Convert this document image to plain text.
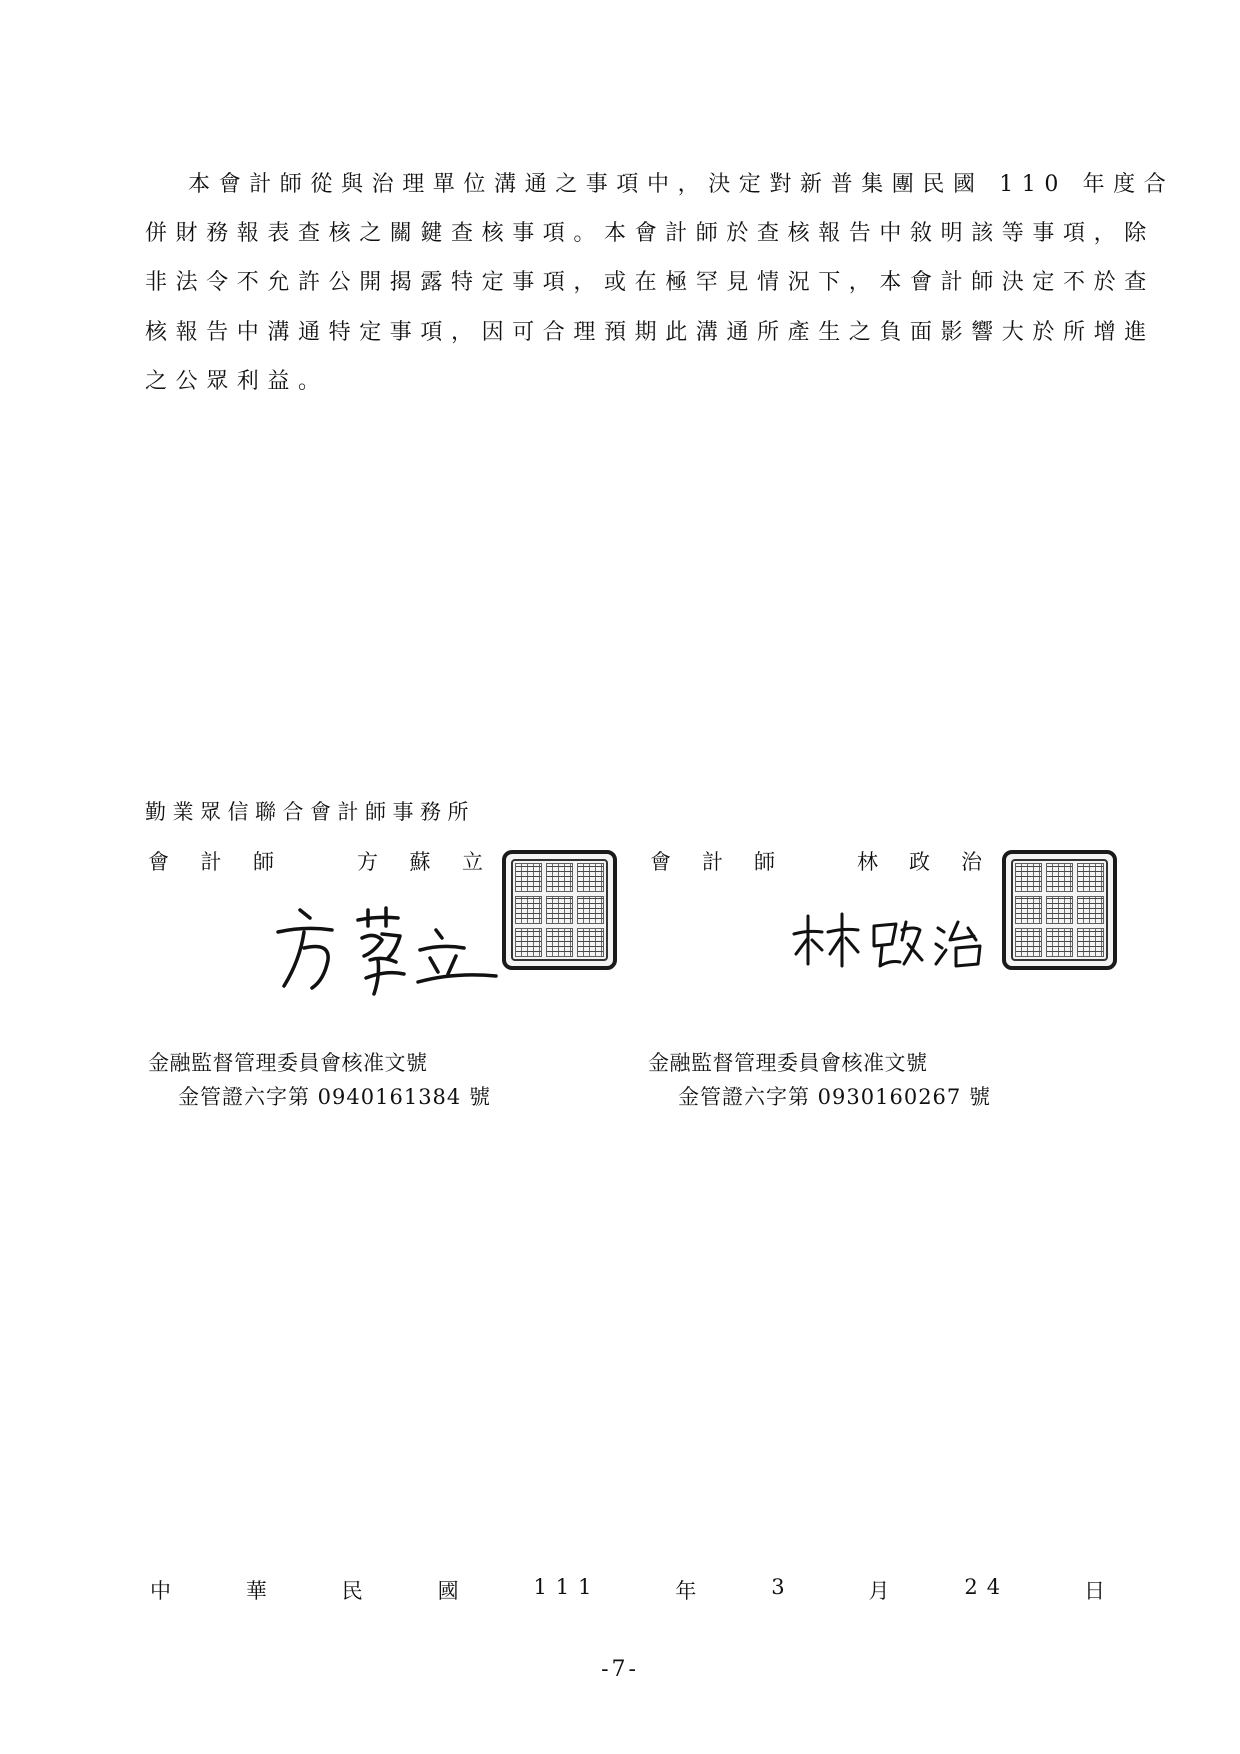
本會計師從與治理單位溝通之事項中，決定對新普集團民國 110 年度合
併財務報表查核之關鍵查核事項。本會計師於查核報告中敘明該等事項，除
非法令不允許公開揭露特定事項，或在極罕見情況下，本會計師決定不於查
核報告中溝通特定事項，因可合理預期此溝通所產生之負面影響大於所增進
之公眾利益。
勤業眾信聯合會計師事務所
會 計 師	方 蘇 立
方蘇立
金融監督管理委員會核准文號
金管證六字第 0940161384 號
會 計 師	林 政 治
林政治
金融監督管理委員會核准文號
金管證六字第 0930160267 號
中	華	民	國	111	年	3	月	24	日
-7-
